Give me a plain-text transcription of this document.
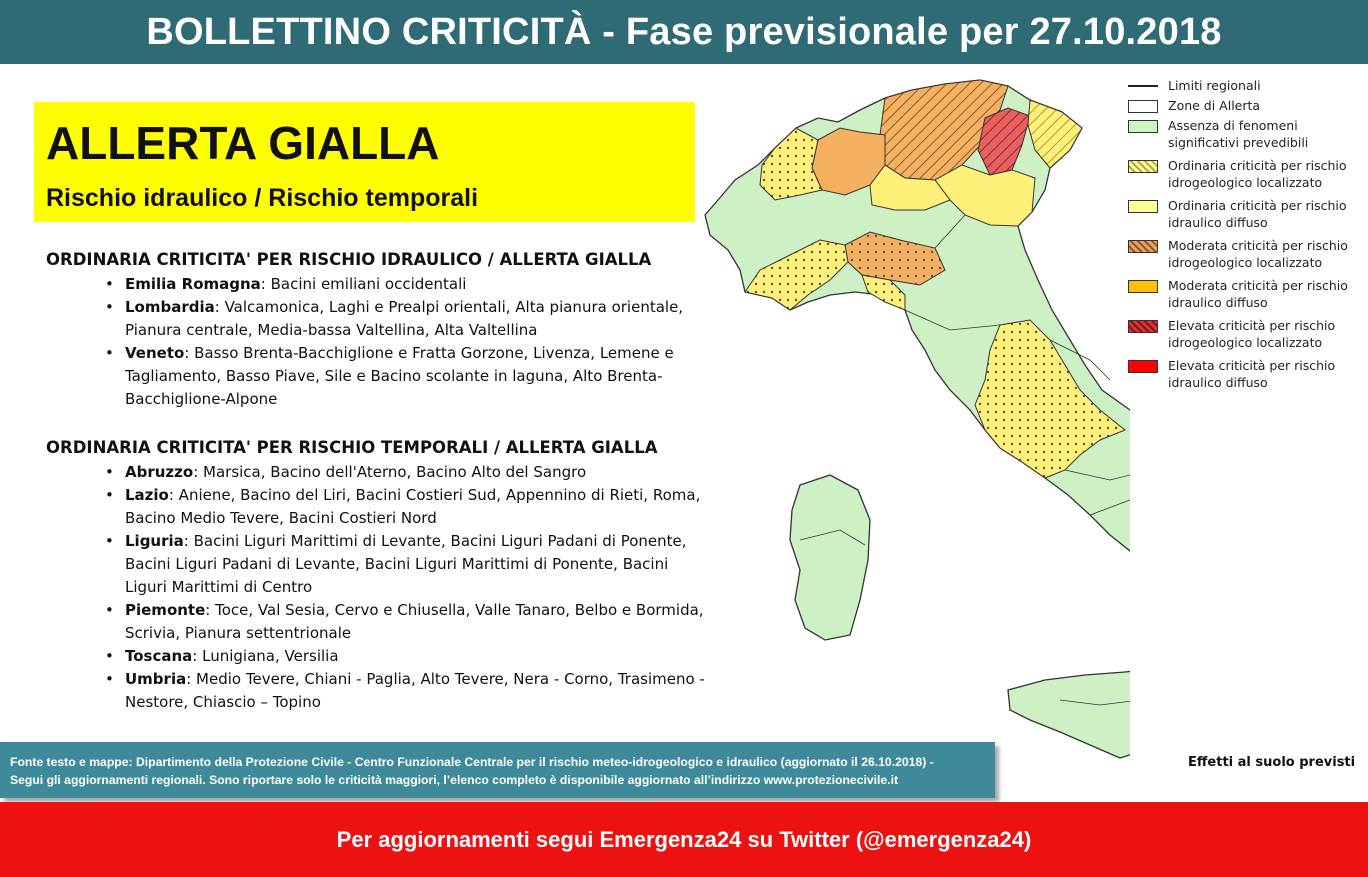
BOLLETTINO CRITICITÀ - Fase previsionale per 27.10.2018
ALLERTA GIALLA
Rischio idraulico / Rischio temporali
ORDINARIA CRITICITA' PER RISCHIO IDRAULICO / ALLERTA GIALLA
• Emilia Romagna: Bacini emiliani occidentali
• Lombardia: Valcamonica, Laghi e Prealpi orientali, Alta pianura orientale, Pianura centrale, Media-bassa Valtellina, Alta Valtellina
• Veneto: Basso Brenta-Bacchiglione e Fratta Gorzone, Livenza, Lemene e Tagliamento, Basso Piave, Sile e Bacino scolante in laguna, Alto Brenta-Bacchiglione-Alpone
ORDINARIA CRITICITA' PER RISCHIO TEMPORALI / ALLERTA GIALLA
• Abruzzo: Marsica, Bacino dell'Aterno, Bacino Alto del Sangro
• Lazio: Aniene, Bacino del Liri, Bacini Costieri Sud, Appennino di Rieti, Roma, Bacino Medio Tevere, Bacini Costieri Nord
• Liguria: Bacini Liguri Marittimi di Levante, Bacini Liguri Padani di Ponente, Bacini Liguri Padani di Levante, Bacini Liguri Marittimi di Ponente, Bacini Liguri Marittimi di Centro
• Piemonte: Toce, Val Sesia, Cervo e Chiusella, Valle Tanaro, Belbo e Bormida, Scrivia, Pianura settentrionale
• Toscana: Lunigiana, Versilia
• Umbria: Medio Tevere, Chiani - Paglia, Alto Tevere, Nera - Corno, Trasimeno - Nestore, Chiascio – Topino
Limiti regionali
Zone di Allerta
Assenza di fenomeni significativi prevedibili
Ordinaria criticità per rischio idrogeologico localizzato
Ordinaria criticità per rischio idraulico diffuso
Moderata criticità per rischio idrogeologico localizzato
Moderata criticità per rischio idraulico diffuso
Elevata criticità per rischio idrogeologico localizzato
Elevata criticità per rischio idraulico diffuso
Effetti al suolo previsti

Fonte testo e mappe: Dipartimento della Protezione Civile - Centro Funzionale Centrale per il rischio meteo-idrogeologico e idraulico (aggiornato il 26.10.2018) -

Segui gli aggiornamenti regionali. Sono riportare solo le criticità maggiori, l’elenco completo è disponibile aggiornato all’indirizzo www.protezionecivile.it

Per aggiornamenti segui Emergenza24 su Twitter (@emergenza24)
